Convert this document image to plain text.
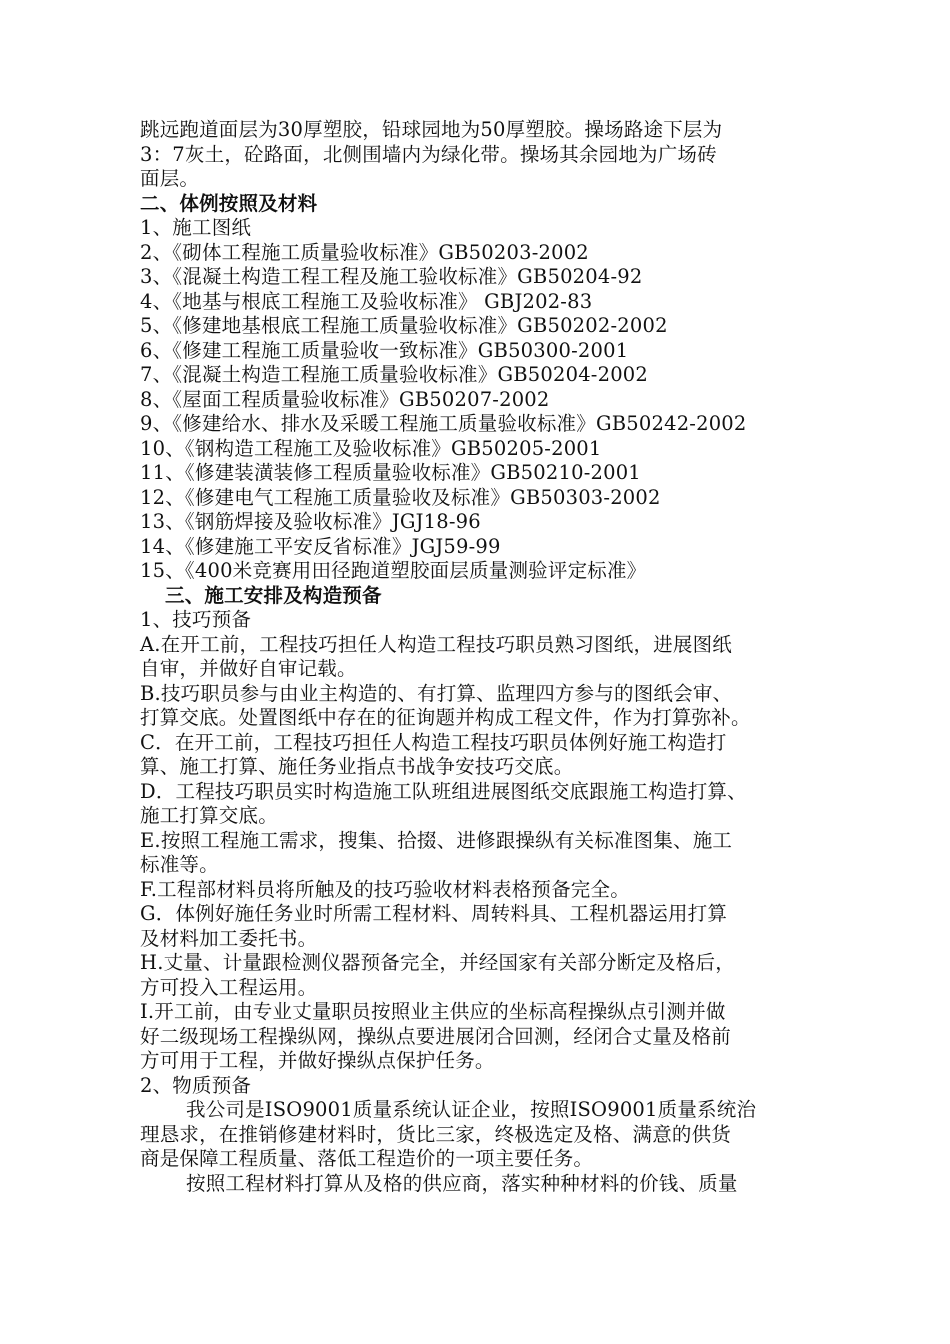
跳远跑道面层为30厚塑胶，铅球园地为50厚塑胶。操场路途下层为
3：7灰土，砼路面，北侧围墙内为绿化带。操场其余园地为广场砖
面层。
二、体例按照及材料
1、施工图纸
2、《砌体工程施工质量验收标准》GB50203-2002
3、《混凝土构造工程工程及施工验收标准》GB50204-92
4、《地基与根底工程施工及验收标准》 GBJ202-83
5、《修建地基根底工程施工质量验收标准》GB50202-2002
6、《修建工程施工质量验收一致标准》GB50300-2001
7、《混凝土构造工程施工质量验收标准》GB50204-2002
8、《屋面工程质量验收标准》GB50207-2002
9、《修建给水、排水及采暖工程施工质量验收标准》GB50242-2002
10、《钢构造工程施工及验收标准》GB50205-2001
11、《修建装潢装修工程质量验收标准》GB50210-2001
12、《修建电气工程施工质量验收及标准》GB50303-2002
13、《钢筋焊接及验收标准》JGJ18-96
14、《修建施工平安反省标准》JGJ59-99
15、《400米竞赛用田径跑道塑胶面层质量测验评定标准》
三、施工安排及构造预备
1、技巧预备
A.在开工前，工程技巧担任人构造工程技巧职员熟习图纸，进展图纸
自审，并做好自审记载。
B.技巧职员参与由业主构造的、有打算、监理四方参与的图纸会审、
打算交底。处置图纸中存在的征询题并构成工程文件，作为打算弥补。
C．在开工前，工程技巧担任人构造工程技巧职员体例好施工构造打
算、施工打算、施任务业指点书战争安技巧交底。
D．工程技巧职员实时构造施工队班组进展图纸交底跟施工构造打算、
施工打算交底。
E.按照工程施工需求，搜集、拾掇、进修跟操纵有关标准图集、施工
标准等。
F.工程部材料员将所触及的技巧验收材料表格预备完全。
G．体例好施任务业时所需工程材料、周转料具、工程机器运用打算
及材料加工委托书。
H.丈量、计量跟检测仪器预备完全，并经国家有关部分断定及格后，
方可投入工程运用。
I.开工前，由专业丈量职员按照业主供应的坐标高程操纵点引测并做
好二级现场工程操纵网，操纵点要进展闭合回测，经闭合丈量及格前
方可用于工程，并做好操纵点保护任务。
2、物质预备
我公司是ISO9001质量系统认证企业，按照ISO9001质量系统治
理恳求，在推销修建材料时，货比三家，终极选定及格、满意的供货
商是保障工程质量、落低工程造价的一项主要任务。
按照工程材料打算从及格的供应商，落实种种材料的价钱、质量
